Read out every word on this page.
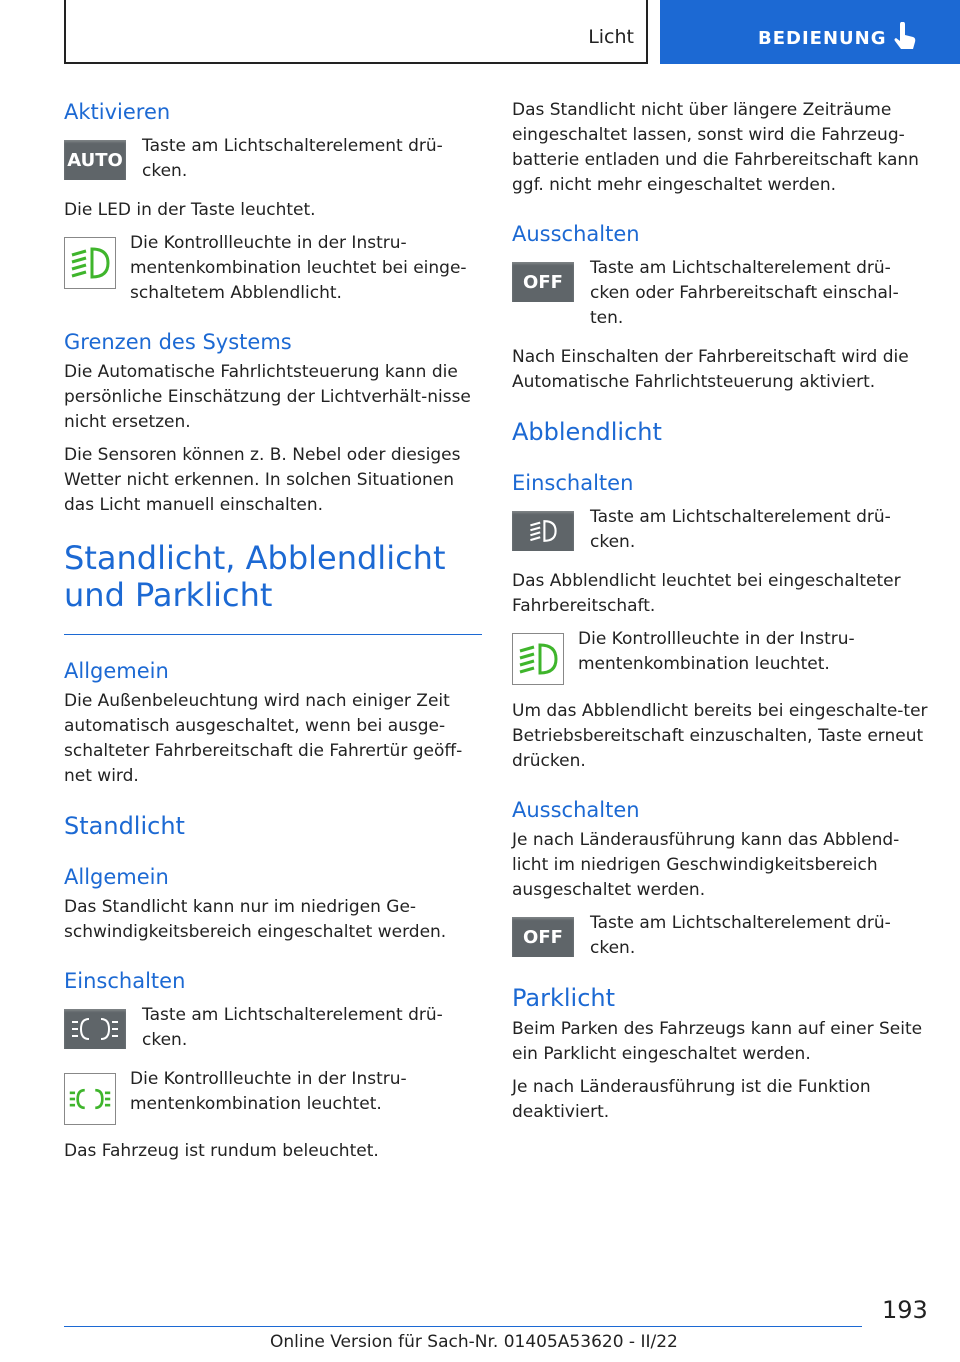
Licht	BEDIENUNG
Aktivieren
AUTO
Taste am Lichtschalterelement drü-cken.

Die LED in der Taste leuchtet.

Die Kontrollleuchte in der Instru-mentenkombination leuchtet bei einge-schaltetem Abblendlicht.
Grenzen des Systems

Die Automatische Fahrlichtsteuerung kann die persönliche Einschätzung der Lichtverhält-nisse nicht ersetzen.

Die Sensoren können z. B. Nebel oder diesiges Wetter nicht erkennen. In solchen Situationen das Licht manuell einschalten.

Standlicht, Abblendlicht und Parklicht
Allgemein

Die Außenbeleuchtung wird nach einiger Zeit automatisch ausgeschaltet, wenn bei ausge-schalteter Fahrbereitschaft die Fahrertür geöff-net wird.

Standlicht
Allgemein

Das Standlicht kann nur im niedrigen Ge-schwindigkeitsbereich eingeschaltet werden.

Einschalten
Taste am Lichtschalterelement drü-cken.
Die Kontrollleuchte in der Instru-mentenkombination leuchtet.

Das Fahrzeug ist rundum beleuchtet.

Das Standlicht nicht über längere Zeiträume eingeschaltet lassen, sonst wird die Fahrzeug-batterie entladen und die Fahrbereitschaft kann ggf. nicht mehr eingeschaltet werden.

Ausschalten
OFF
Taste am Lichtschalterelement drü-cken oder Fahrbereitschaft einschal-ten.

Nach Einschalten der Fahrbereitschaft wird die Automatische Fahrlichtsteuerung aktiviert.

Abblendlicht
Einschalten
Taste am Lichtschalterelement drü-cken.

Das Abblendlicht leuchtet bei eingeschalteter Fahrbereitschaft.

Die Kontrollleuchte in der Instru-mentenkombination leuchtet.

Um das Abblendlicht bereits bei eingeschalte-ter Betriebsbereitschaft einzuschalten, Taste erneut drücken.

Ausschalten

Je nach Länderausführung kann das Abblend-licht im niedrigen Geschwindigkeitsbereich ausgeschaltet werden.

OFF
Taste am Lichtschalterelement drü-cken.
Parklicht

Beim Parken des Fahrzeugs kann auf einer Seite ein Parklicht eingeschaltet werden.

Je nach Länderausführung ist die Funktion deaktiviert.

193
Online Version für Sach-Nr. 01405A53620 - II/22
